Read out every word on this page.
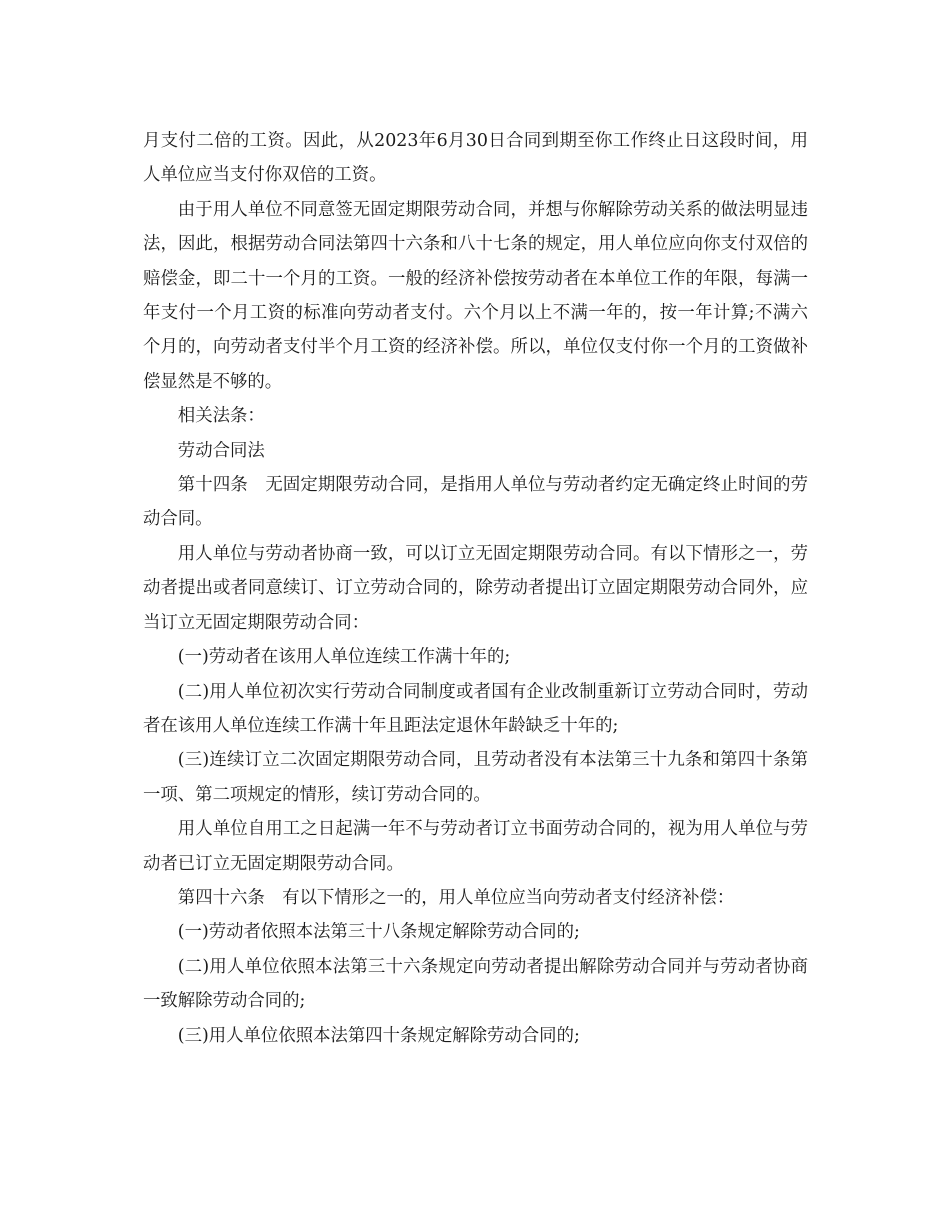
月支付二倍的工资。因此，从2023年6月30日合同到期至你工作终止日这段时间，用人单位应当支付你双倍的工资。

由于用人单位不同意签无固定期限劳动合同，并想与你解除劳动关系的做法明显违法，因此，根据劳动合同法第四十六条和八十七条的规定，用人单位应向你支付双倍的赔偿金，即二十一个月的工资。一般的经济补偿按劳动者在本单位工作的年限，每满一年支付一个月工资的标准向劳动者支付。六个月以上不满一年的，按一年计算;不满六个月的，向劳动者支付半个月工资的经济补偿。所以，单位仅支付你一个月的工资做补偿显然是不够的。

相关法条：

劳动合同法

第十四条　无固定期限劳动合同，是指用人单位与劳动者约定无确定终止时间的劳动合同。

用人单位与劳动者协商一致，可以订立无固定期限劳动合同。有以下情形之一，劳动者提出或者同意续订、订立劳动合同的，除劳动者提出订立固定期限劳动合同外，应当订立无固定期限劳动合同：

(一)劳动者在该用人单位连续工作满十年的;

(二)用人单位初次实行劳动合同制度或者国有企业改制重新订立劳动合同时，劳动者在该用人单位连续工作满十年且距法定退休年龄缺乏十年的;

(三)连续订立二次固定期限劳动合同，且劳动者没有本法第三十九条和第四十条第一项、第二项规定的情形，续订劳动合同的。

用人单位自用工之日起满一年不与劳动者订立书面劳动合同的，视为用人单位与劳动者已订立无固定期限劳动合同。

第四十六条　有以下情形之一的，用人单位应当向劳动者支付经济补偿：

(一)劳动者依照本法第三十八条规定解除劳动合同的;

(二)用人单位依照本法第三十六条规定向劳动者提出解除劳动合同并与劳动者协商一致解除劳动合同的;

(三)用人单位依照本法第四十条规定解除劳动合同的;
